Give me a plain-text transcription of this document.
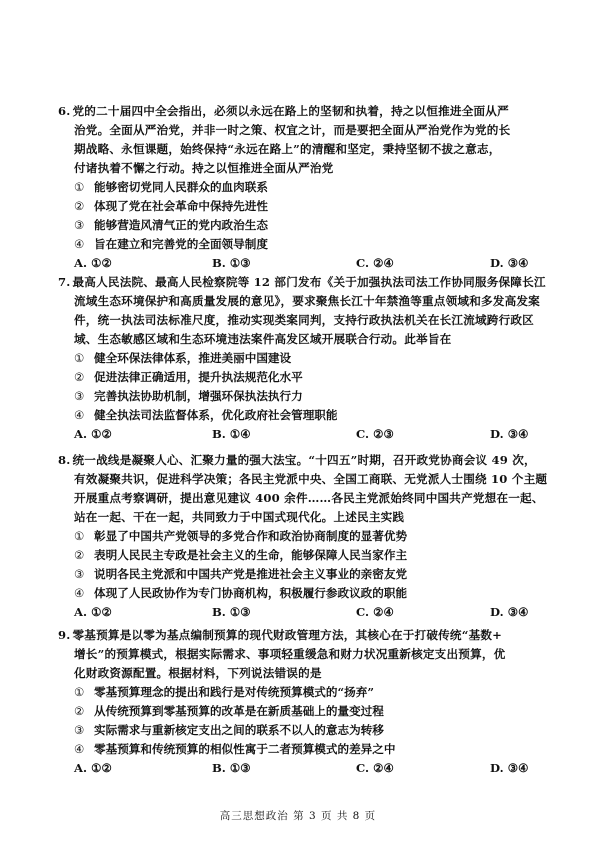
6. 党的二十届四中全会指出，必须以永远在路上的坚韧和执着，持之以恒推进全面从严
治党。全面从严治党，并非一时之策、权宜之计，而是要把全面从严治党作为党的长
期战略、永恒课题，始终保持“永远在路上”的清醒和坚定，秉持坚韧不拔之意志，
付诸执着不懈之行动。持之以恒推进全面从严治党
① 能够密切党同人民群众的血肉联系
② 体现了党在社会革命中保持先进性
③ 能够营造风清气正的党内政治生态
④ 旨在建立和完善党的全面领导制度
A. ①②	B. ①③	C. ②④	D. ③④
7. 最高人民法院、最高人民检察院等 12 部门发布《关于加强执法司法工作协同服务保障长江
流域生态环境保护和高质量发展的意见》，要求聚焦长江十年禁渔等重点领域和多发高发案
件，统一执法司法标准尺度，推动实现类案同判，支持行政执法机关在长江流域跨行政区
域、生态敏感区域和生态环境违法案件高发区域开展联合行动。此举旨在
① 健全环保法律体系，推进美丽中国建设
② 促进法律正确适用，提升执法规范化水平
③ 完善执法协助机制，增强环保执法执行力
④ 健全执法司法监督体系，优化政府社会管理职能
A. ①②	B. ①④	C. ②③	D. ③④
8. 统一战线是凝聚人心、汇聚力量的强大法宝。“十四五”时期，召开政党协商会议 49 次，
有效凝聚共识，促进科学决策；各民主党派中央、全国工商联、无党派人士围绕 10 个主题
开展重点考察调研，提出意见建议 400 余件……各民主党派始终同中国共产党想在一起、
站在一起、干在一起，共同致力于中国式现代化。上述民主实践
① 彰显了中国共产党领导的多党合作和政治协商制度的显著优势
② 表明人民民主专政是社会主义的生命，能够保障人民当家作主
③ 说明各民主党派和中国共产党是推进社会主义事业的亲密友党
④ 体现了人民政协作为专门协商机构，积极履行参政议政的职能
A. ①②	B. ①③	C. ②④	D. ③④
9. 零基预算是以零为基点编制预算的现代财政管理方法，其核心在于打破传统“基数+
增长”的预算模式，根据实际需求、事项轻重缓急和财力状况重新核定支出预算，优
化财政资源配置。根据材料，下列说法错误的是
① 零基预算理念的提出和践行是对传统预算模式的“扬弃”
② 从传统预算到零基预算的改革是在新质基础上的量变过程
③ 实际需求与重新核定支出之间的联系不以人的意志为转移
④ 零基预算和传统预算的相似性寓于二者预算模式的差异之中
A. ①②	B. ①③	C. ②④	D. ③④
高三思想政治 第 3 页 共 8 页
